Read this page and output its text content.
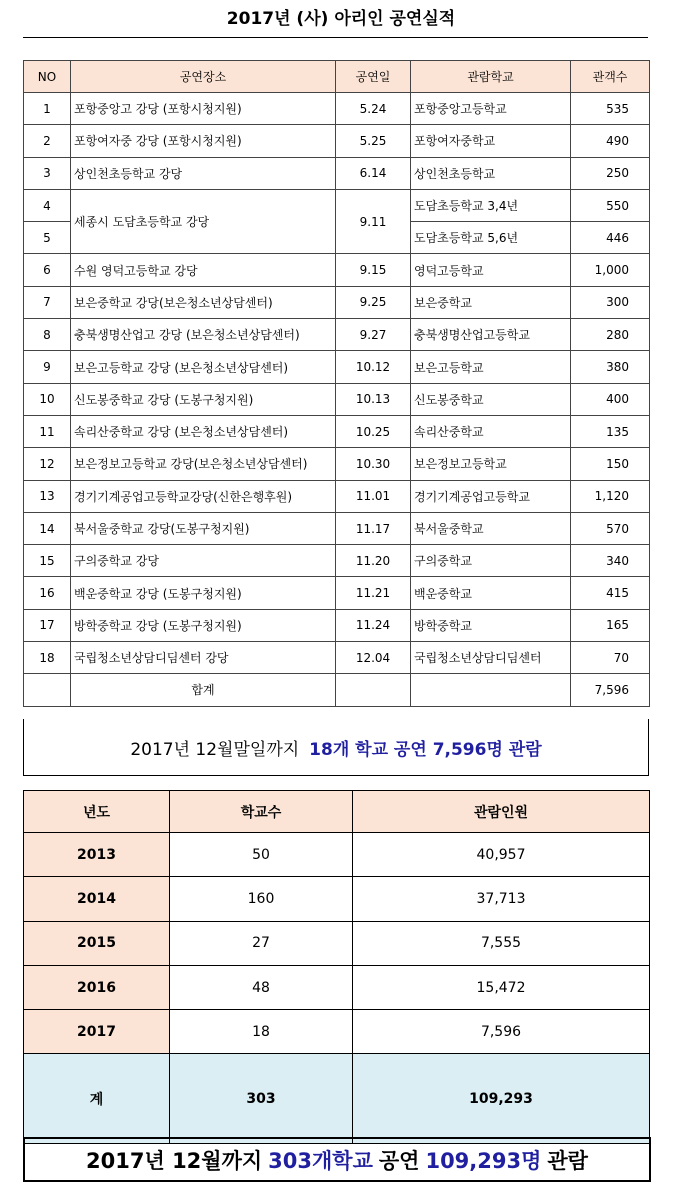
2017년 (사) 아리인 공연실적
NO	공연장소	공연일	관람학교	관객수
1	포항중앙고 강당 (포항시청지원)	5.24	포항중앙고등학교	535
2	포항여자중 강당 (포항시청지원)	5.25	포항여자중학교	490
3	상인천초등학교 강당	6.14	상인천초등학교	250
4	세종시 도담초등학교 강당	9.11	도담초등학교 3,4년	550
5			도담초등학교 5,6년	446
6	수원 영덕고등학교 강당	9.15	영덕고등학교	1,000
7	보은중학교 강당(보은청소년상담센터)	9.25	보은중학교	300
8	충북생명산업고 강당 (보은청소년상담센터)	9.27	충북생명산업고등학교	280
9	보은고등학교 강당 (보은청소년상담센터)	10.12	보은고등학교	380
10	신도봉중학교 강당 (도봉구청지원)	10.13	신도봉중학교	400
11	속리산중학교 강당 (보은청소년상담센터)	10.25	속리산중학교	135
12	보은정보고등학교 강당(보은청소년상담센터)	10.30	보은정보고등학교	150
13	경기기계공업고등학교강당(신한은행후원)	11.01	경기기계공업고등학교	1,120
14	북서울중학교 강당(도봉구청지원)	11.17	북서울중학교	570
15	구의중학교 강당	11.20	구의중학교	340
16	백운중학교 강당 (도봉구청지원)	11.21	백운중학교	415
17	방학중학교 강당 (도봉구청지원)	11.24	방학중학교	165
18	국립청소년상담디딤센터 강당	12.04	국립청소년상담디딤센터	70
	합계			7,596
2017년 12월말일까지 18개 학교 공연 7,596명 관람
년도	학교수	관람인원
2013	50	40,957
2014	160	37,713
2015	27	7,555
2016	48	15,472
2017	18	7,596
계	303	109,293
2017년 12월까지 303개학교 공연 109,293명 관람
